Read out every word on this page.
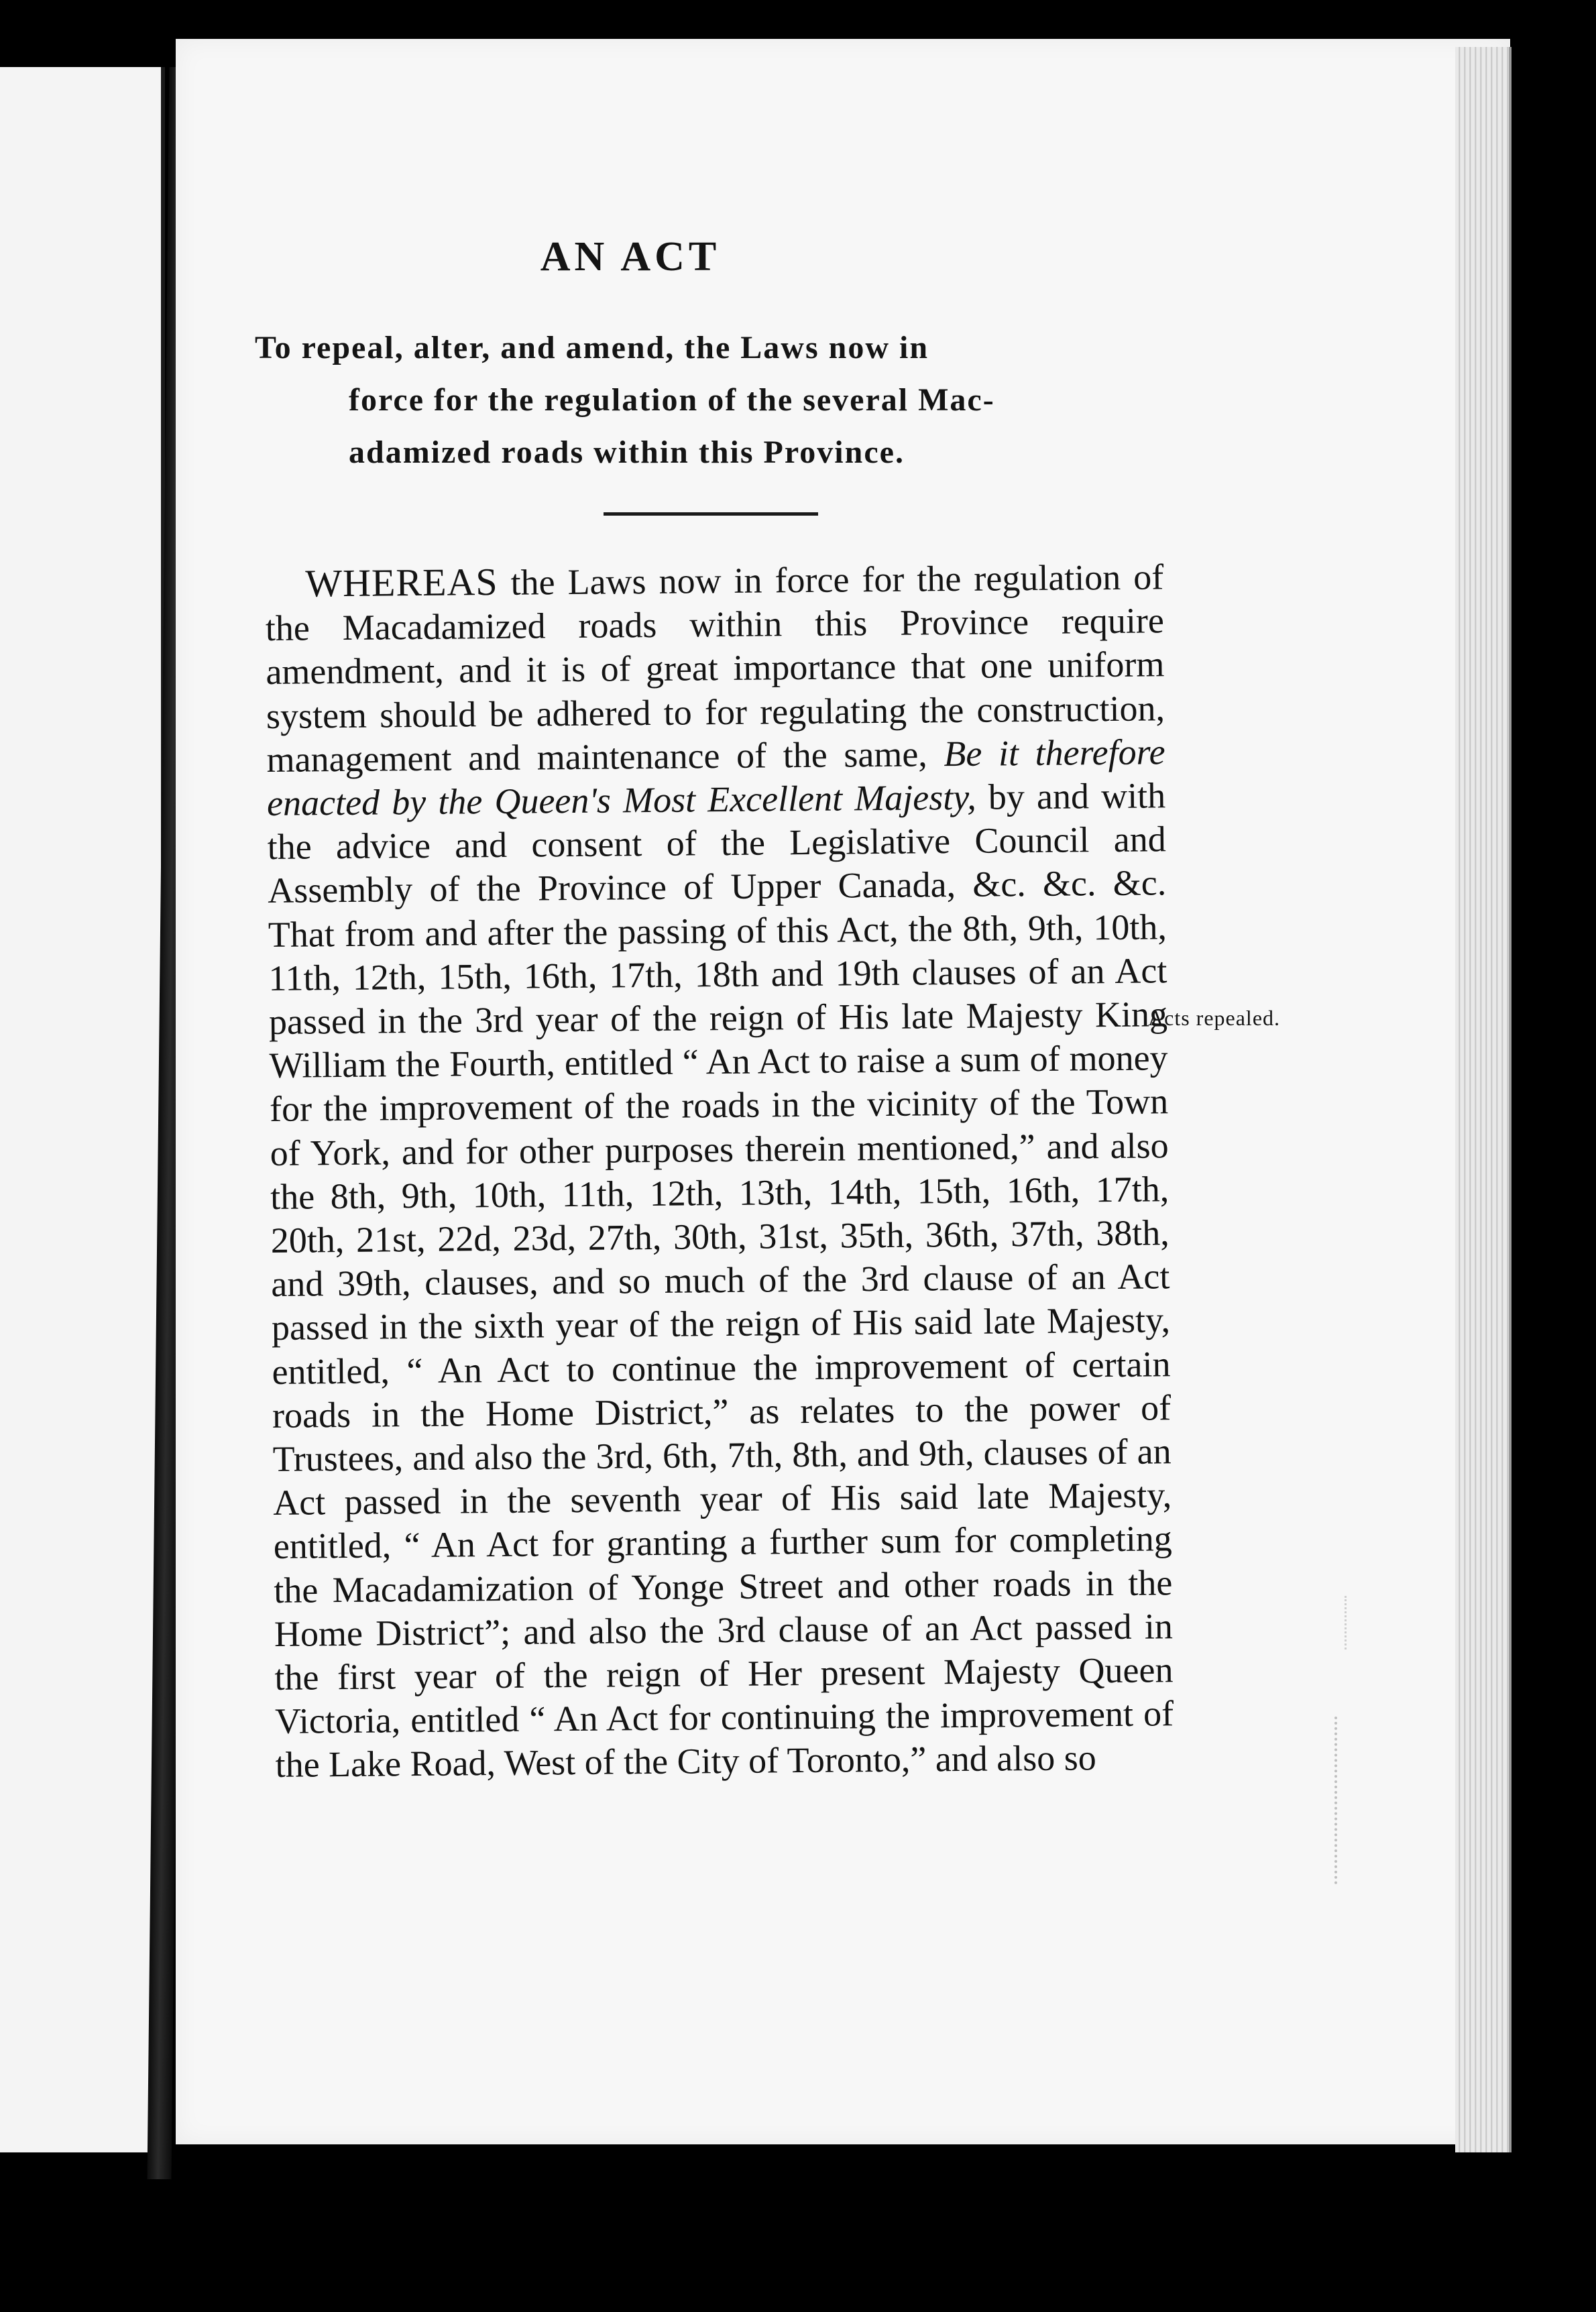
AN ACT
To repeal, alter, and amend, the Laws now in
force for the regulation of the several Mac-
adamized roads within this Province.
WHEREAS the Laws now in force for the regulation of the Macadamized roads within this Province require amendment, and it is of great importance that one uniform system should be adhered to for regulating the construction, management and maintenance of the same, Be it therefore enacted by the Queen's Most Excellent Majesty, by and with the advice and consent of the Legislative Council and Assembly of the Province of Upper Canada, &c. &c. &c. That from and after the passing of this Act, the 8th, 9th, 10th, 11th, 12th, 15th, 16th, 17th, 18th and 19th clauses of an Act passed in the 3rd year of the reign of His late Majesty King William the Fourth, entitled “ An Act to raise a sum of money for the improvement of the roads in the vicinity of the Town of York, and for other purposes therein mentioned,” and also the 8th, 9th, 10th, 11th, 12th, 13th, 14th, 15th, 16th, 17th, 20th, 21st, 22d, 23d, 27th, 30th, 31st, 35th, 36th, 37th, 38th, and 39th, clauses, and so much of the 3rd clause of an Act passed in the sixth year of the reign of His said late Majesty, entitled, “ An Act to continue the improvement of certain roads in the Home District,” as relates to the power of Trustees, and also the 3rd, 6th, 7th, 8th, and 9th, clauses of an Act passed in the seventh year of His said late Majesty, entitled, “ An Act for granting a further sum for completing the Macadamization of Yonge Street and other roads in the Home District”; and also the 3rd clause of an Act passed in the first year of the reign of Her present Majesty Queen Victoria, entitled “ An Act for continuing the improvement of the Lake Road, West of the City of Toronto,” and also so
Acts repealed.
